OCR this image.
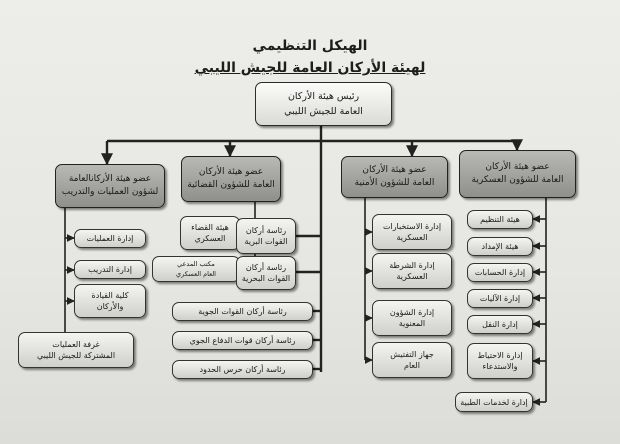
الهيكل التنظيمي
لهيئة الأركان العامة للجيش الليبي
رئيس هيئة الأركان
العامة للجيش الليبي
عضو هيئة الأركان
العامة للشؤون العسكرية
عضو هيئة الأركان
العامة للشؤون الأمنية
عضو هيئة الأركان
العامة للشؤون القضائية
عضو هيئة الأركانالعامة
لشؤون العمليات والتدريب
هيئة التنظيم
هيئة الإمداد
إدارة الحسابات
إدارة الآليات
إدارة النقل
إدارة الاحتياط
والاستدعاء
إدارة لخدمات الطبية
إدارة الاستخبارات
العسكرية
إدارة الشرطة
العسكرية
إدارة الشؤون
المعنوية
جهاز التفتيش
العام
هيئة القضاء
العسكري
مكتب المدعي
العام العسكري
رئاسة أركان
القوات البرية
رئاسة أركان
القوات البحرية
رئاسة أركان القوات الجوية
رئاسة أركان قوات الدفاع الجوي
رئاسة أركان حرس الحدود
إدارة العمليات
إدارة التدريب
كلية القيادة
والأركان
غرفة العمليات
المشتركة للجيش الليبي
